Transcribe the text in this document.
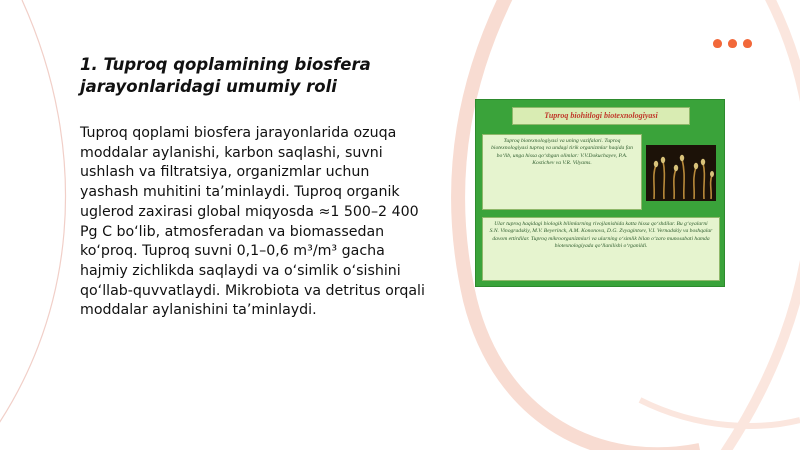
1. Tuproq qoplamining biosfera jarayonlaridagi umumiy roli

Tuproq qoplami biosfera jarayonlarida ozuqa moddalar aylanishi, karbon saqlashi, suvni ushlash va filtratsiya, organizmlar uchun yashash muhitini ta’minlaydi. Tuproq organik uglerod zaxirasi global miqyosda ≈1 500–2 400 Pg C bo‘lib, atmosferadan va biomassedan ko‘proq. Tuproq suvni 0,1–0,6 m³/m³ gacha hajmiy zichlikda saqlaydi va o‘simlik o‘sishini qo‘llab-quvvatlaydi. Mikrobiota va detritus orqali moddalar aylanishini ta’minlaydi.

Tuproq biohitlogi biotexnologiyasi
Tuproq biotexnologiyasi va uning vazifalari. Tuproq biotexnologiyasi tuproq va undagi tirik organizmlar haqida fan bo‘lib, unga hissa qo‘shgan olimlar: V.V.Dokuchayev, P.A. Kostichev va V.R. Vilyams.
Ular tuproq haqidagi biologik bilimlarning rivojlanishida katta hissa qo‘shdilar. Bu g‘oyalarni S.N. Vinogradskiy, M.V. Beyerinck, A.M. Kononova, D.G. Zvyagintsev, V.I. Vernadskiy va boshqalar davom ettirdilar. Tuproq mikroorganizmlari va ularning o‘simlik bilan o‘zaro munosabati hamda biotexnologiyada qo‘llanilishi o‘rganildi.
